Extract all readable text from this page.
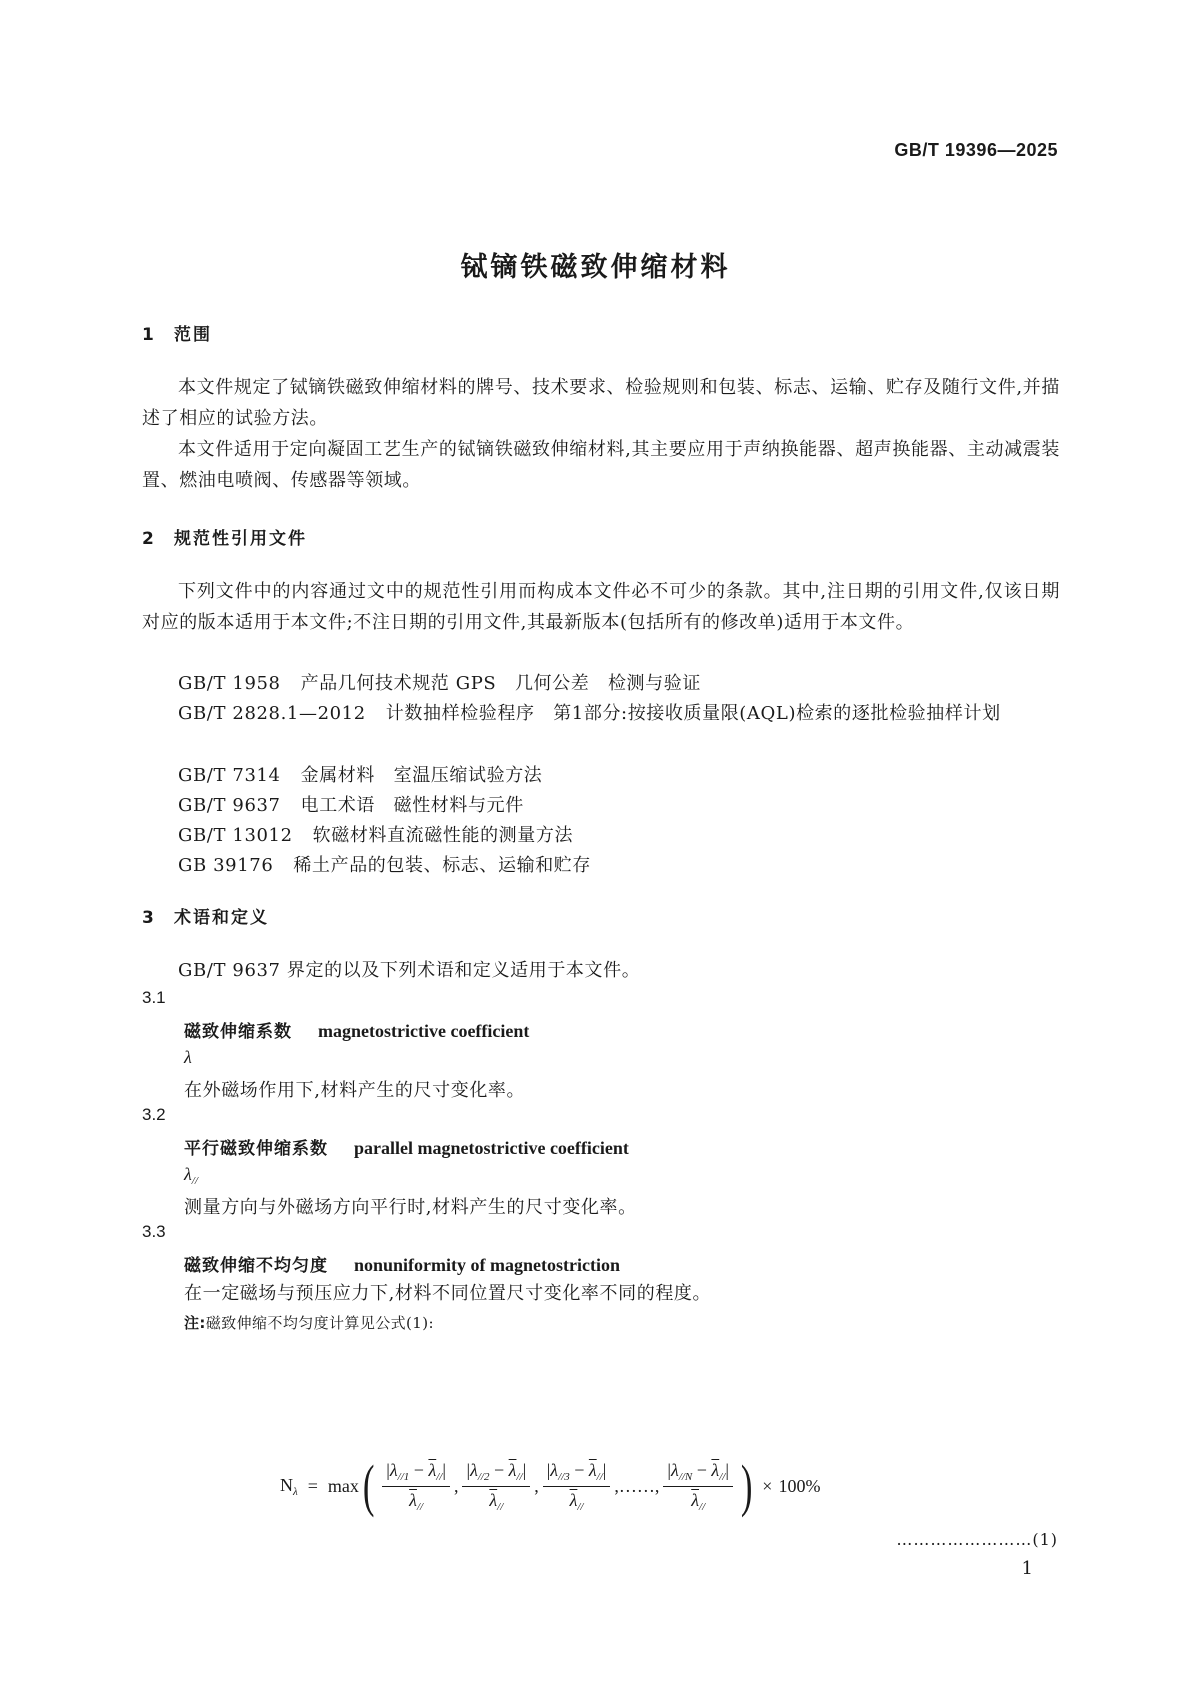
GB/T 19396—2025
铽镝铁磁致伸缩材料
1 范围
本文件规定了铽镝铁磁致伸缩材料的牌号、技术要求、检验规则和包装、标志、运输、贮存及随行文件,并描述了相应的试验方法。
本文件适用于定向凝固工艺生产的铽镝铁磁致伸缩材料,其主要应用于声纳换能器、超声换能器、主动减震装置、燃油电喷阀、传感器等领域。
2 规范性引用文件
下列文件中的内容通过文中的规范性引用而构成本文件必不可少的条款。其中,注日期的引用文件,仅该日期对应的版本适用于本文件;不注日期的引用文件,其最新版本(包括所有的修改单)适用于本文件。
GB/T 1958 产品几何技术规范 GPS　几何公差　检测与验证
GB/T 2828.1—2012 计数抽样检验程序　第1部分:按接收质量限(AQL)检索的逐批检验抽样计划
GB/T 7314 金属材料　室温压缩试验方法
GB/T 9637 电工术语　磁性材料与元件
GB/T 13012 软磁材料直流磁性能的测量方法
GB 39176 稀土产品的包装、标志、运输和贮存
3 术语和定义
GB/T 9637 界定的以及下列术语和定义适用于本文件。
3.1
磁致伸缩系数 magnetostrictive coefficient
λ
在外磁场作用下,材料产生的尺寸变化率。
3.2
平行磁致伸缩系数 parallel magnetostrictive coefficient
$\lambda_{//}$
测量方向与外磁场方向平行时,材料产生的尺寸变化率。
3.3
磁致伸缩不均匀度 nonuniformity of magnetostriction
在一定磁场与预压应力下,材料不同位置尺寸变化率不同的程度。
注:磁致伸缩不均匀度计算见公式(1):
$N_\lambda = \max$ ( $\frac{|\lambda_{//1} - \overline{\lambda}_{//}|}{\overline{\lambda}_{//}}$ , $\frac{|\lambda_{//2} - \overline{\lambda}_{//}|}{\overline{\lambda}_{//}}$ , $\frac{|\lambda_{//3} - \overline{\lambda}_{//}|}{\overline{\lambda}_{//}}$ , …… , $\frac{|\lambda_{//N} - \overline{\lambda}_{//}|}{\overline{\lambda}_{//}}$ ) × 100%
……………………(1)
1
